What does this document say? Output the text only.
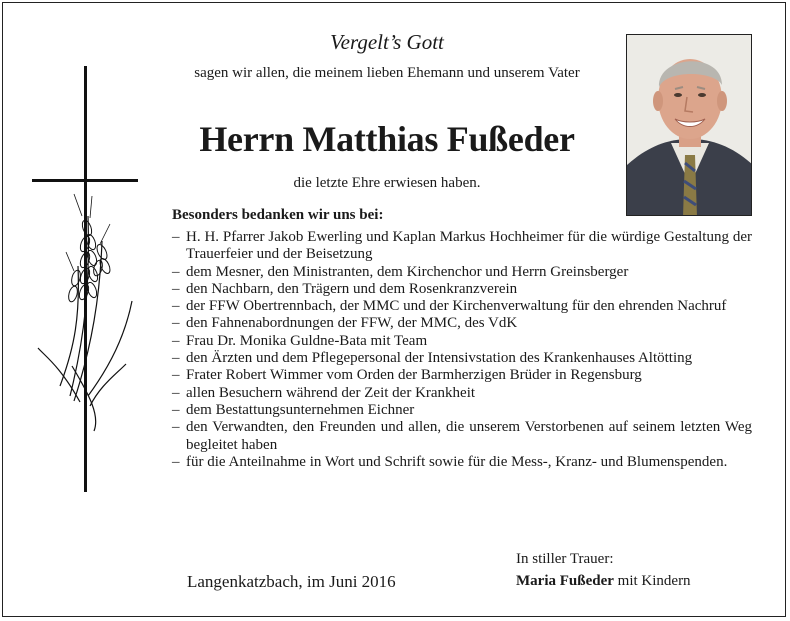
Vergelt’s Gott
sagen wir allen, die meinem lieben Ehemann und unserem Vater
Herrn Matthias Fußeder
die letzte Ehre erwiesen haben.
Besonders bedanken wir uns bei:
– H. H. Pfarrer Jakob Ewerling und Kaplan Markus Hochheimer für die würdige Gestaltung der Trauerfeier und der Beisetzung
– dem Mesner, den Ministranten, dem Kirchenchor und Herrn Greinsberger
– den Nachbarn, den Trägern und dem Rosenkranzverein
– der FFW Obertrennbach, der MMC und der Kirchenverwaltung für den ehrenden Nachruf
– den Fahnenabordnungen der FFW, der MMC, des VdK
– Frau Dr. Monika Guldne-Bata mit Team
– den Ärzten und dem Pflegepersonal der Intensivstation des Krankenhauses Altötting
– Frater Robert Wimmer vom Orden der Barmherzigen Brüder in Regensburg
– allen Besuchern während der Zeit der Krankheit
– dem Bestattungsunternehmen Eichner
– den Verwandten, den Freunden und allen, die unserem Verstorbenen auf seinem letzten Weg begleitet haben
– für die Anteilnahme in Wort und Schrift sowie für die Mess-, Kranz- und Blumenspenden.
In stiller Trauer:
Langenkatzbach, im Juni 2016	Maria Fußeder mit Kindern
